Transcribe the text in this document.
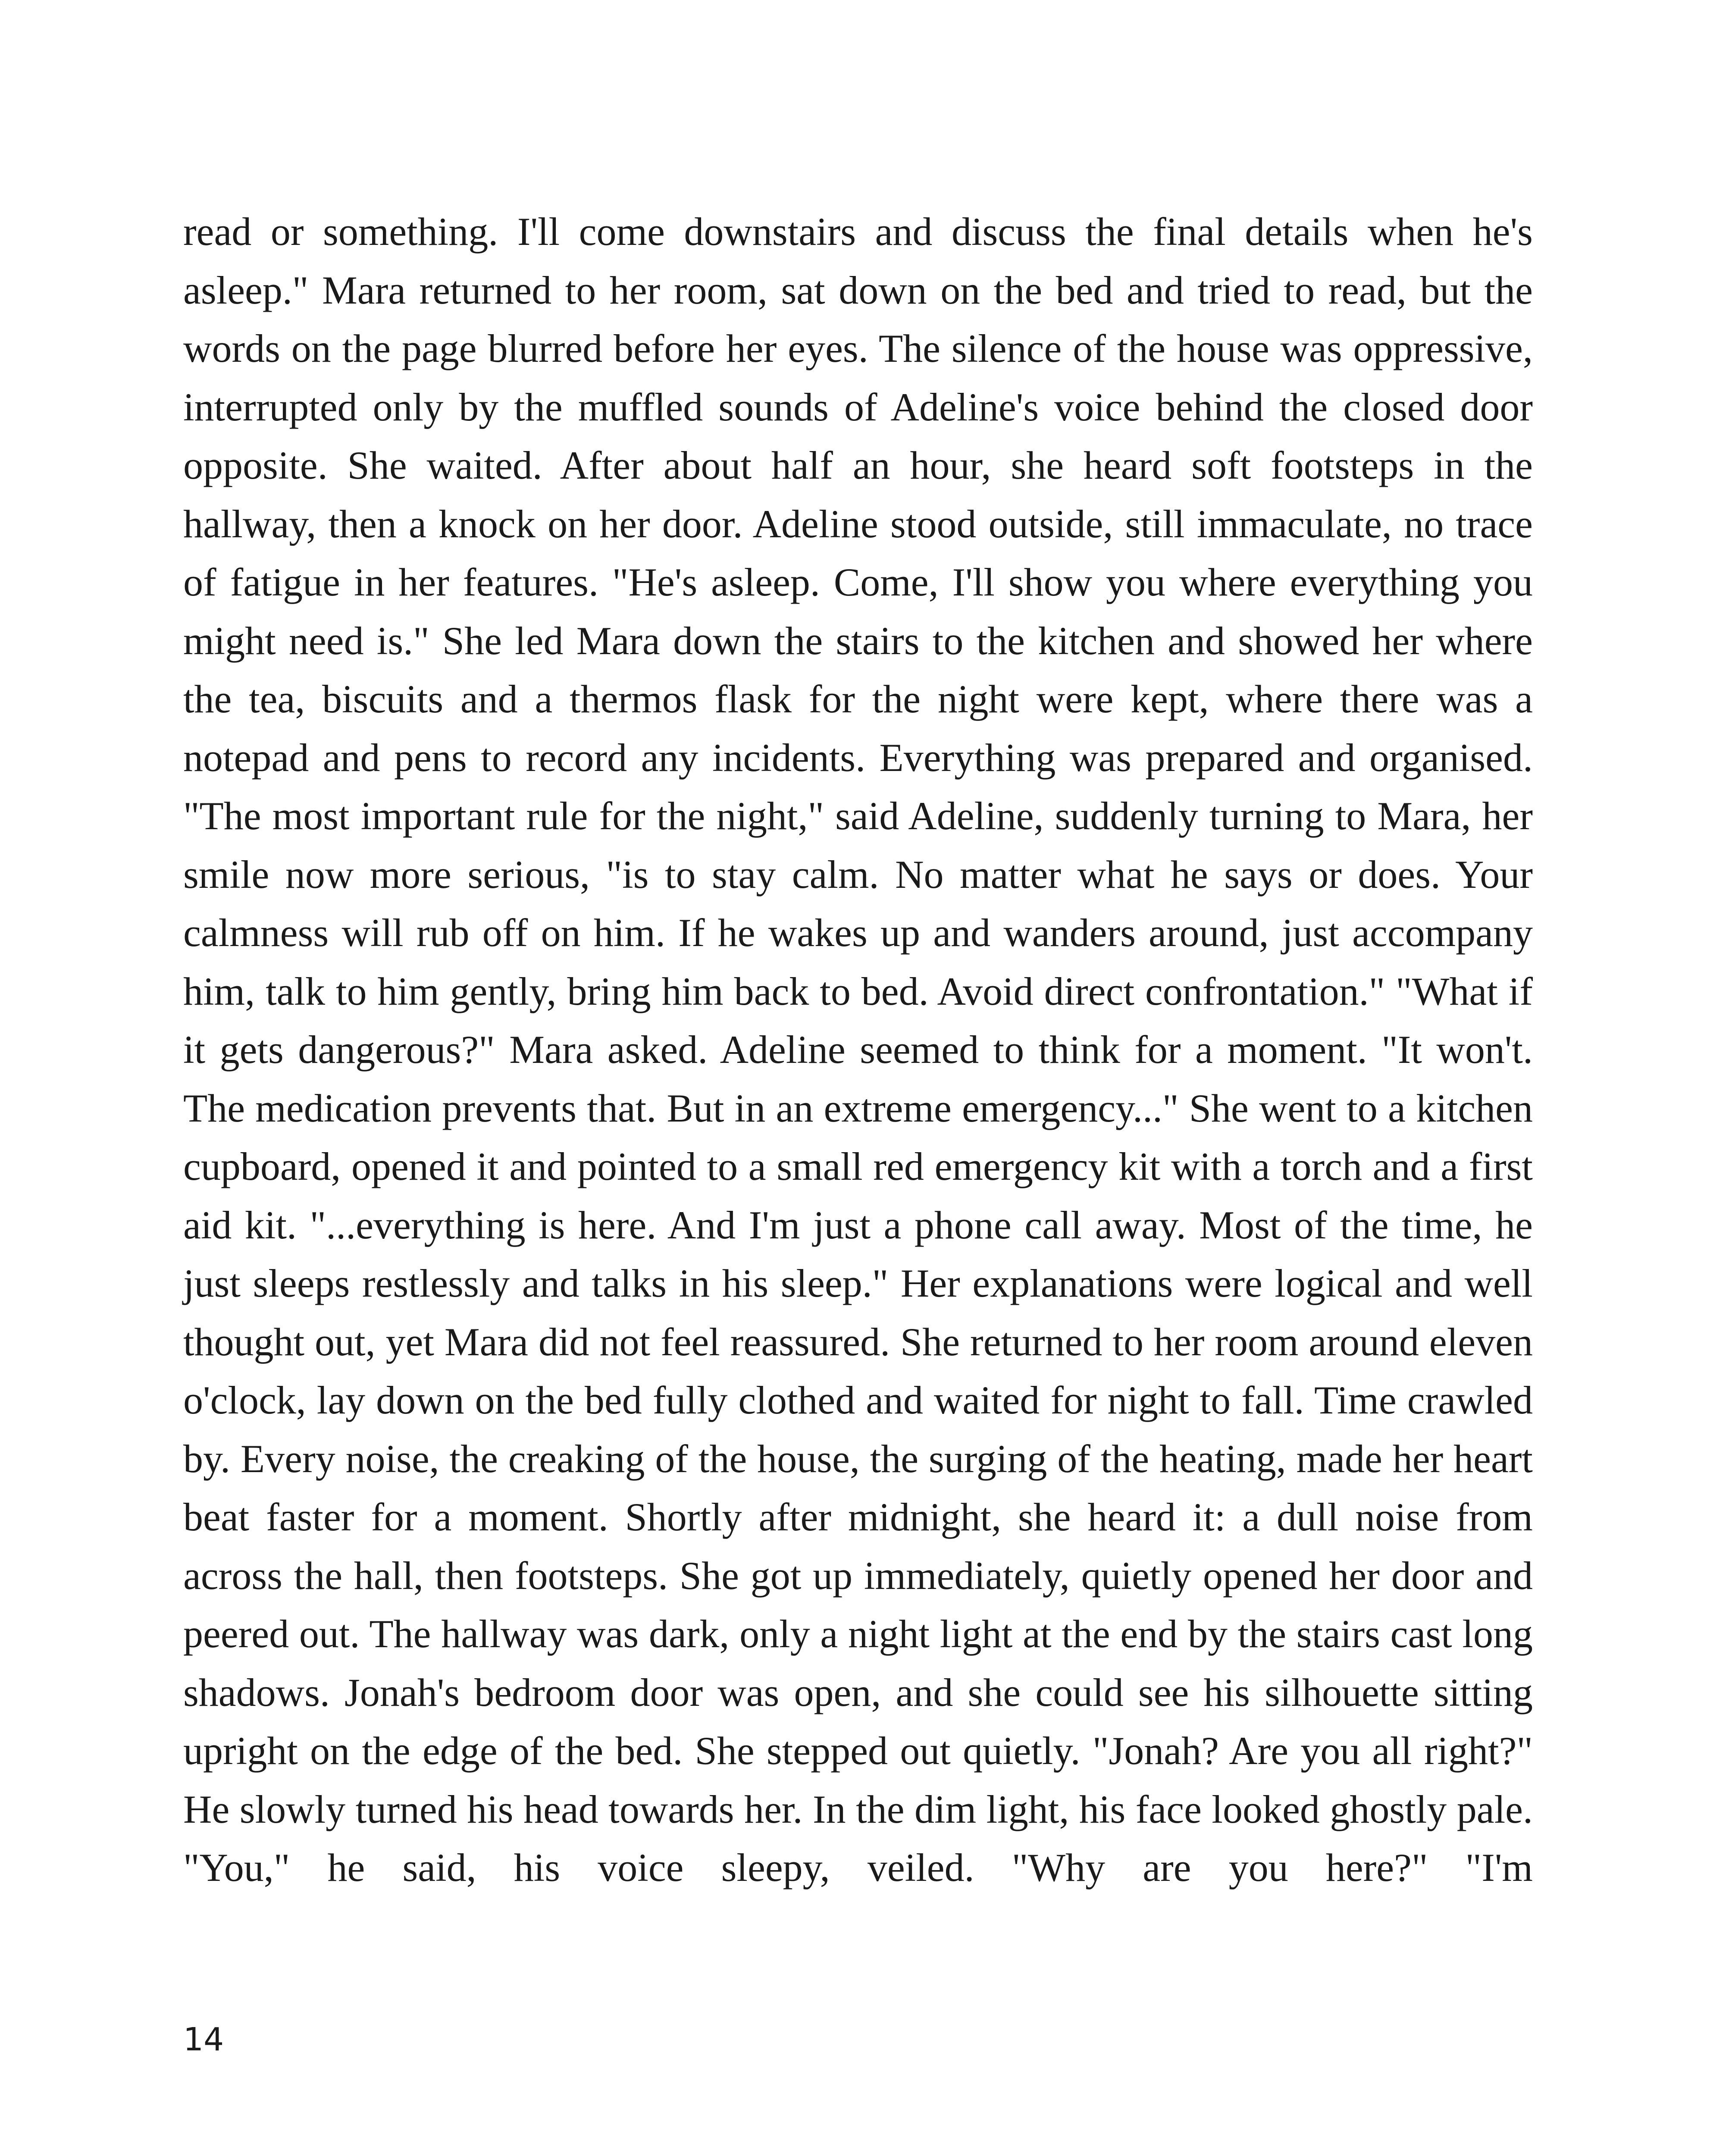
read or something. I'll come downstairs and discuss the final details when he's asleep." Mara returned to her room, sat down on the bed and tried to read, but the words on the page blurred before her eyes. The silence of the house was oppressive, interrupted only by the muffled sounds of Adeline's voice behind the closed door opposite. She waited. After about half an hour, she heard soft footsteps in the hallway, then a knock on her door. Adeline stood outside, still immaculate, no trace of fatigue in her features. "He's asleep. Come, I'll show you where everything you might need is." She led Mara down the stairs to the kitchen and showed her where the tea, biscuits and a thermos flask for the night were kept, where there was a notepad and pens to record any incidents. Everything was prepared and organised. "The most important rule for the night," said Adeline, suddenly turning to Mara, her smile now more serious, "is to stay calm. No matter what he says or does. Your calmness will rub off on him. If he wakes up and wanders around, just accompany him, talk to him gently, bring him back to bed. Avoid direct confrontation." "What if it gets dangerous?" Mara asked. Adeline seemed to think for a moment. "It won't. The medication prevents that. But in an extreme emergency..." She went to a kitchen cupboard, opened it and pointed to a small red emergency kit with a torch and a first aid kit. "...everything is here. And I'm just a phone call away. Most of the time, he just sleeps restlessly and talks in his sleep." Her explanations were logical and well thought out, yet Mara did not feel reassured. She returned to her room around eleven o'clock, lay down on the bed fully clothed and waited for night to fall. Time crawled by. Every noise, the creaking of the house, the surging of the heating, made her heart beat faster for a moment. Shortly after midnight, she heard it: a dull noise from across the hall, then footsteps. She got up immediately, quietly opened her door and peered out. The hallway was dark, only a night light at the end by the stairs cast long shadows. Jonah's bedroom door was open, and she could see his silhouette sitting upright on the edge of the bed. She stepped out quietly. "Jonah? Are you all right?" He slowly turned his head towards her. In the dim light, his face looked ghostly pale. "You," he said, his voice sleepy, veiled. "Why are you here?" "I'm

14
